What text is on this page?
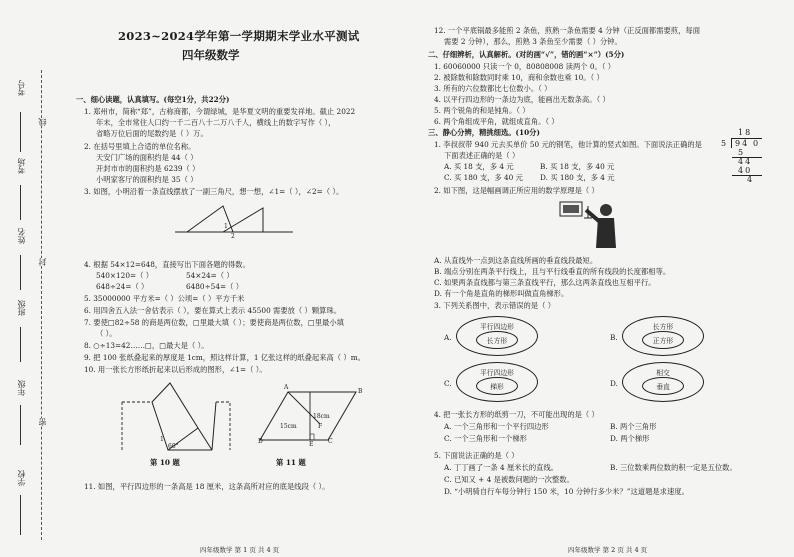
考号
线
考场
姓名
封
班级
年级
密
学校
2023~2024学年第一学期期末学业水平测试
四年级数学
一、细心读题，认真填写。(每空1分，共22分)
1. 郑州市，简称“郑”，古称商都，今谓绿城，是华夏文明的重要发祥地。截止 2022
年末，全市常住人口约一千二百八十二万八千人，横线上的数字写作（ ），
省略万位后面的尾数约是（ ）万。
2. 在括号里填上合适的单位名称。
天安门广场的面积约是 44（ ）
开封市市的面积约是 6239（ ）
小明家客厅的面积约是 35（ ）
3. 如图，小明沿着一条直线摆放了一副三角尺，想一想，∠1=（ ），∠2=（ ）。
1
2
4. 根据 54×12=648，直接写出下面各题的得数。
540×120=（ ）	54×24=（ ）
648÷24=（ ）	6480÷54=（ ）
5. 35000000 平方米=（ ）公顷=（ ）平方千米
6. 用四舍五入法一舍估表示（ ），要在算式上表示 45500 需要放（ ）颗算珠。
7. 要使□82÷58 的商是两位数，□里最大填（ ）；要使商是两位数，□里最小填
（ ）。
8. ○÷13=42……□，□最大是（ ）。
9. 把 100 张纸叠起来的厚度是 1cm，照这样计算，1 亿张这样的纸叠起来高（ ）m。
10. 用一张长方形纸折起来以后形成的图形，∠1=（ ）。
1
60°
第 10 题
A
B
C
D	E
F
18cm
15cm
第 11 题
11. 如图，平行四边形的一条高是 18 厘米，这条高所对应的底是线段（ ）。
四年级数学 第 1 页 共 4 页
12. 一个平底锅最多能煎 2 条鱼，煎熟一条鱼需要 4 分钟（正反面都需要煎，每面
需要 2 分钟），那么，煎熟 3 条鱼至少需要（ ）分钟。
二、仔细辨析，认真解析。(对的画“√”，错的画“×”）(5分)
1. 60060000 只读一个 0，80808008 读两个 0。（ ）
2. 被除数和除数同时乘 10，商和余数也乘 10。（ ）
3. 所有的六位数都比七位数小。（ ）
4. 以平行四边形的一条边为底，能画出无数条高。（ ）
5. 两个锐角的和是钝角。（ ）
6. 两个角组成平角，就组成直角。（ ）
三、静心分辨，精挑细选。(10分)
1. 李叔叔带 940 元去买单价 50 元的钢笔，他计算的竖式如图。下面说法正确的是
下面表述正确的是（ ）
A. 买 18 支，多 4 元	B. 买 18 支，多 40 元
C. 买 180 支，多 40 元 D. 买 180 支，多 4 元
18
5 94 0
5
44
40
4
2. 如下图，这是幅画调正所应用的数学原理是（ ）
A. 从直线外一点到这条直线所画的垂直线段最短。
B. 端点分别在两条平行线上，且与平行线垂直的所有线段的长度都相等。
C. 如果两条直线都与第三条直线平行，那么这两条直线也互相平行。
D. 有一个角是直角的梯形叫做直角梯形。
3. 下列关系图中，表示错误的是（ ）
A.
平行四边形
长方形	B.
长方形
正方形
C.
平行四边形
梯形	D.
相交
垂直
4. 把一张长方形的纸剪一刀，不可能出现的是（ ）
A. 一个三角形和一个平行四边形	B. 两个三角形
C. 一个三角形和一个梯形	D. 两个梯形
5. 下面说法正确的是（ ）
A. 丁丁画了一条 4 厘米长的直线。	B. 三位数乘两位数的积一定是五位数。
C. 已知又 + 4 是被数问题的一次整数。
D. “小明骑自行车每分钟行 150 米，10 分钟行多少米？”这道题是求速度。
四年级数学 第 2 页 共 4 页
